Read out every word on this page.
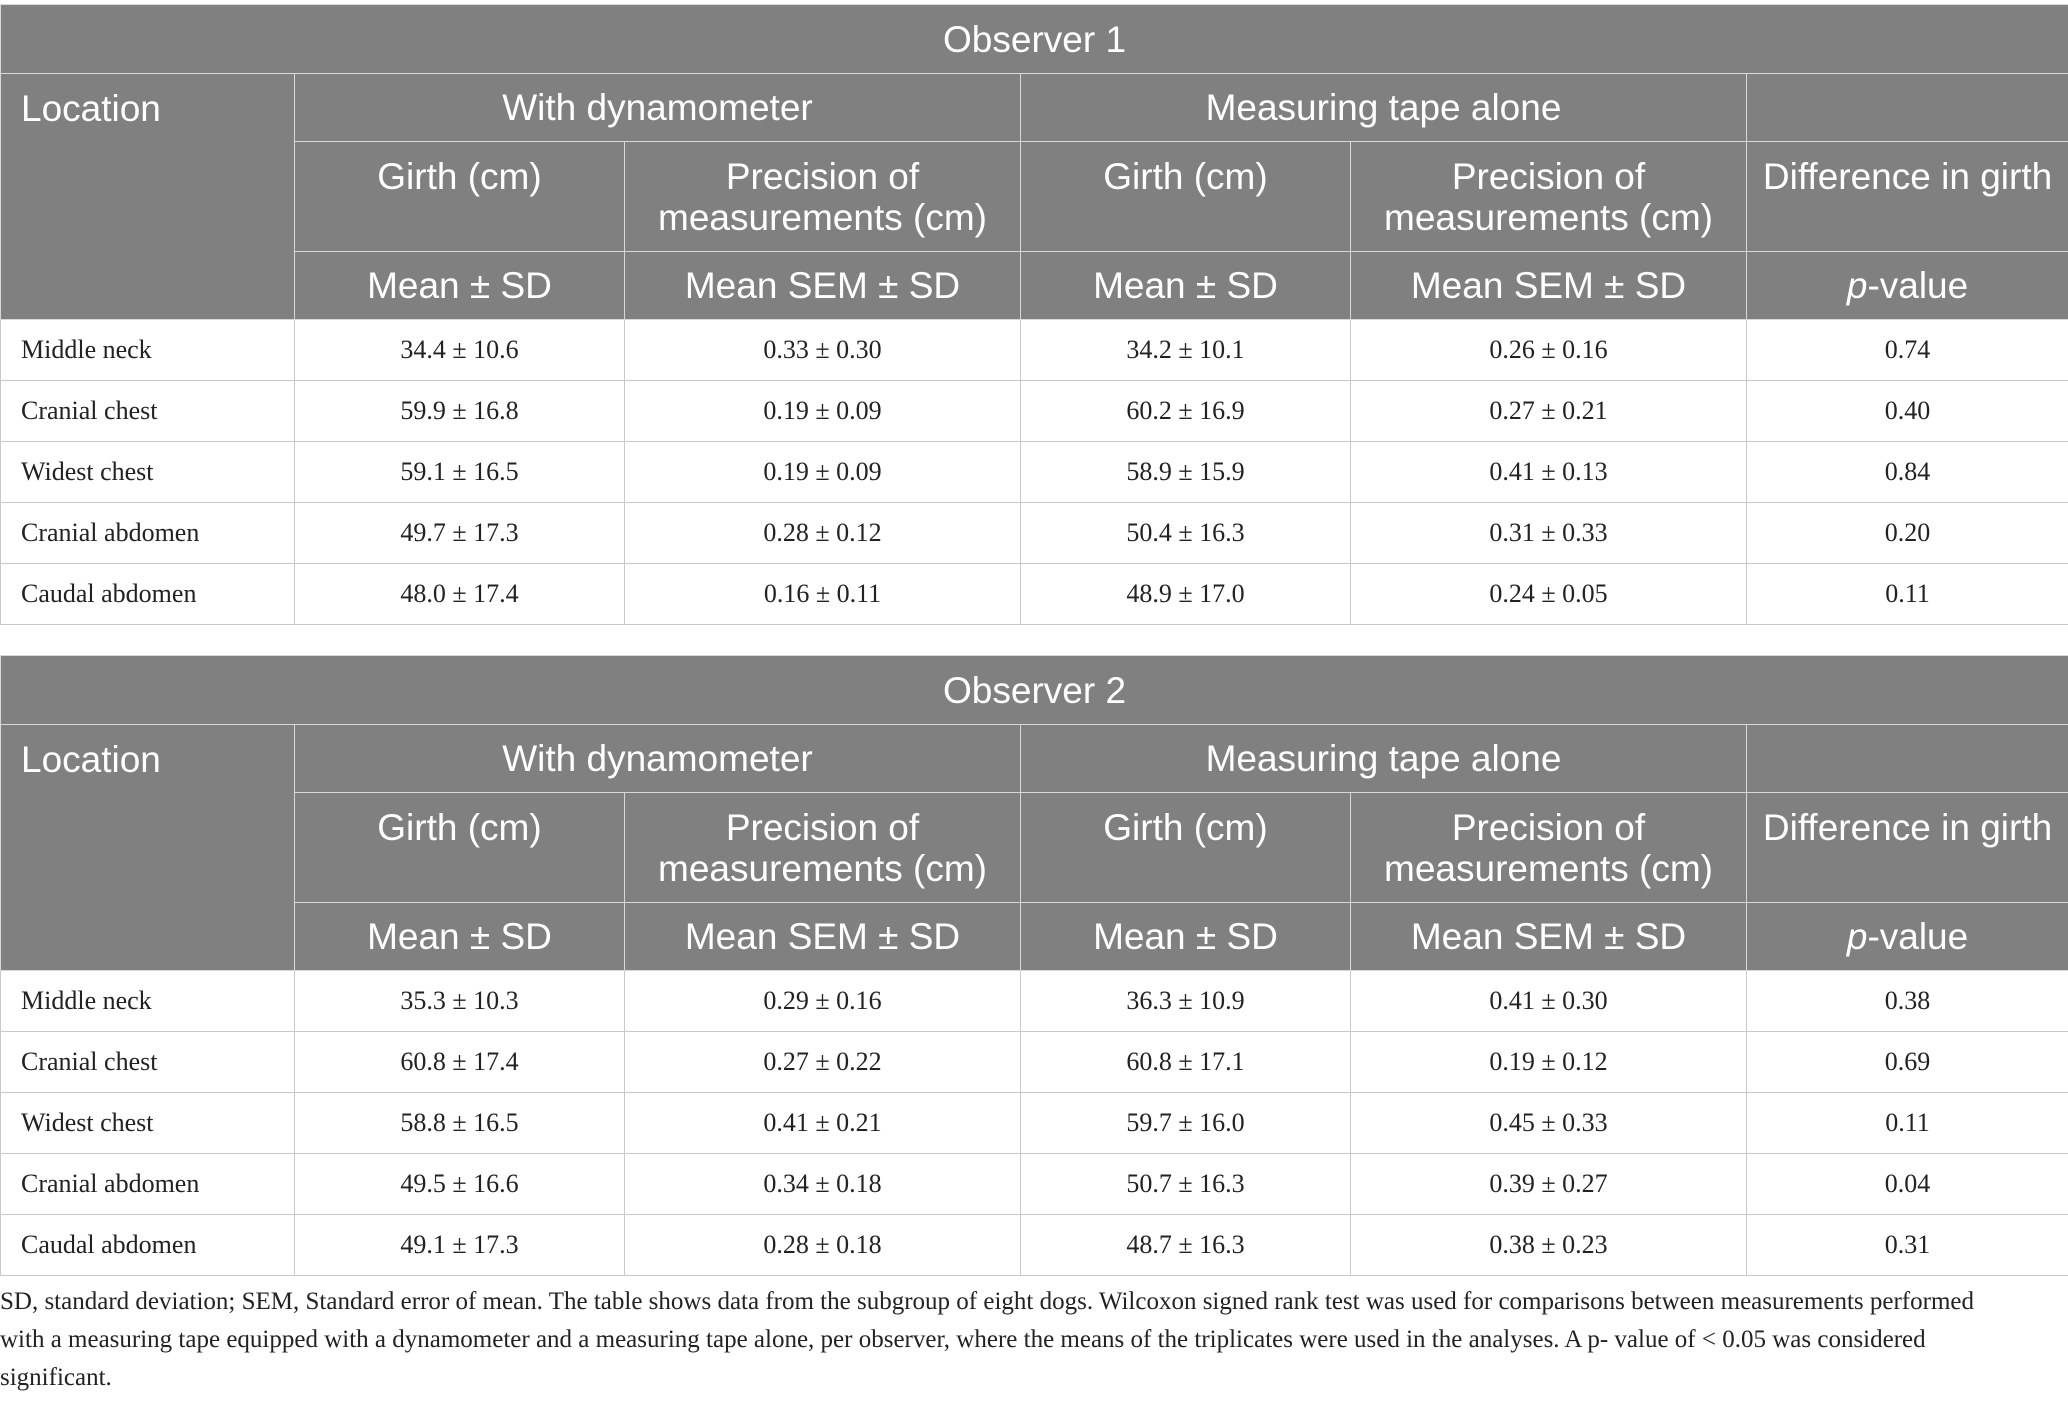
Observer 1					
Location	With dynamometer		Measuring tape alone		
	Girth (cm)	Precision of measurements (cm)	Girth (cm)	Precision of measurements (cm)	Difference in girth
	Mean ± SD	Mean SEM ± SD	Mean ± SD	Mean SEM ± SD	p-value
Middle neck	34.4 ± 10.6	0.33 ± 0.30	34.2 ± 10.1	0.26 ± 0.16	0.74
Cranial chest	59.9 ± 16.8	0.19 ± 0.09	60.2 ± 16.9	0.27 ± 0.21	0.40
Widest chest	59.1 ± 16.5	0.19 ± 0.09	58.9 ± 15.9	0.41 ± 0.13	0.84
Cranial abdomen	49.7 ± 17.3	0.28 ± 0.12	50.4 ± 16.3	0.31 ± 0.33	0.20
Caudal abdomen	48.0 ± 17.4	0.16 ± 0.11	48.9 ± 17.0	0.24 ± 0.05	0.11
Observer 2					
Location	With dynamometer		Measuring tape alone		
	Girth (cm)	Precision of measurements (cm)	Girth (cm)	Precision of measurements (cm)	Difference in girth
	Mean ± SD	Mean SEM ± SD	Mean ± SD	Mean SEM ± SD	p-value
Middle neck	35.3 ± 10.3	0.29 ± 0.16	36.3 ± 10.9	0.41 ± 0.30	0.38
Cranial chest	60.8 ± 17.4	0.27 ± 0.22	60.8 ± 17.1	0.19 ± 0.12	0.69
Widest chest	58.8 ± 16.5	0.41 ± 0.21	59.7 ± 16.0	0.45 ± 0.33	0.11
Cranial abdomen	49.5 ± 16.6	0.34 ± 0.18	50.7 ± 16.3	0.39 ± 0.27	0.04
Caudal abdomen	49.1 ± 17.3	0.28 ± 0.18	48.7 ± 16.3	0.38 ± 0.23	0.31
SD, standard deviation; SEM, Standard error of mean. The table shows data from the subgroup of eight dogs. Wilcoxon signed rank test was used for comparisons between measurements performed with a measuring tape equipped with a dynamometer and a measuring tape alone, per observer, where the means of the triplicates were used in the analyses. A p- value of < 0.05 was considered significant.
